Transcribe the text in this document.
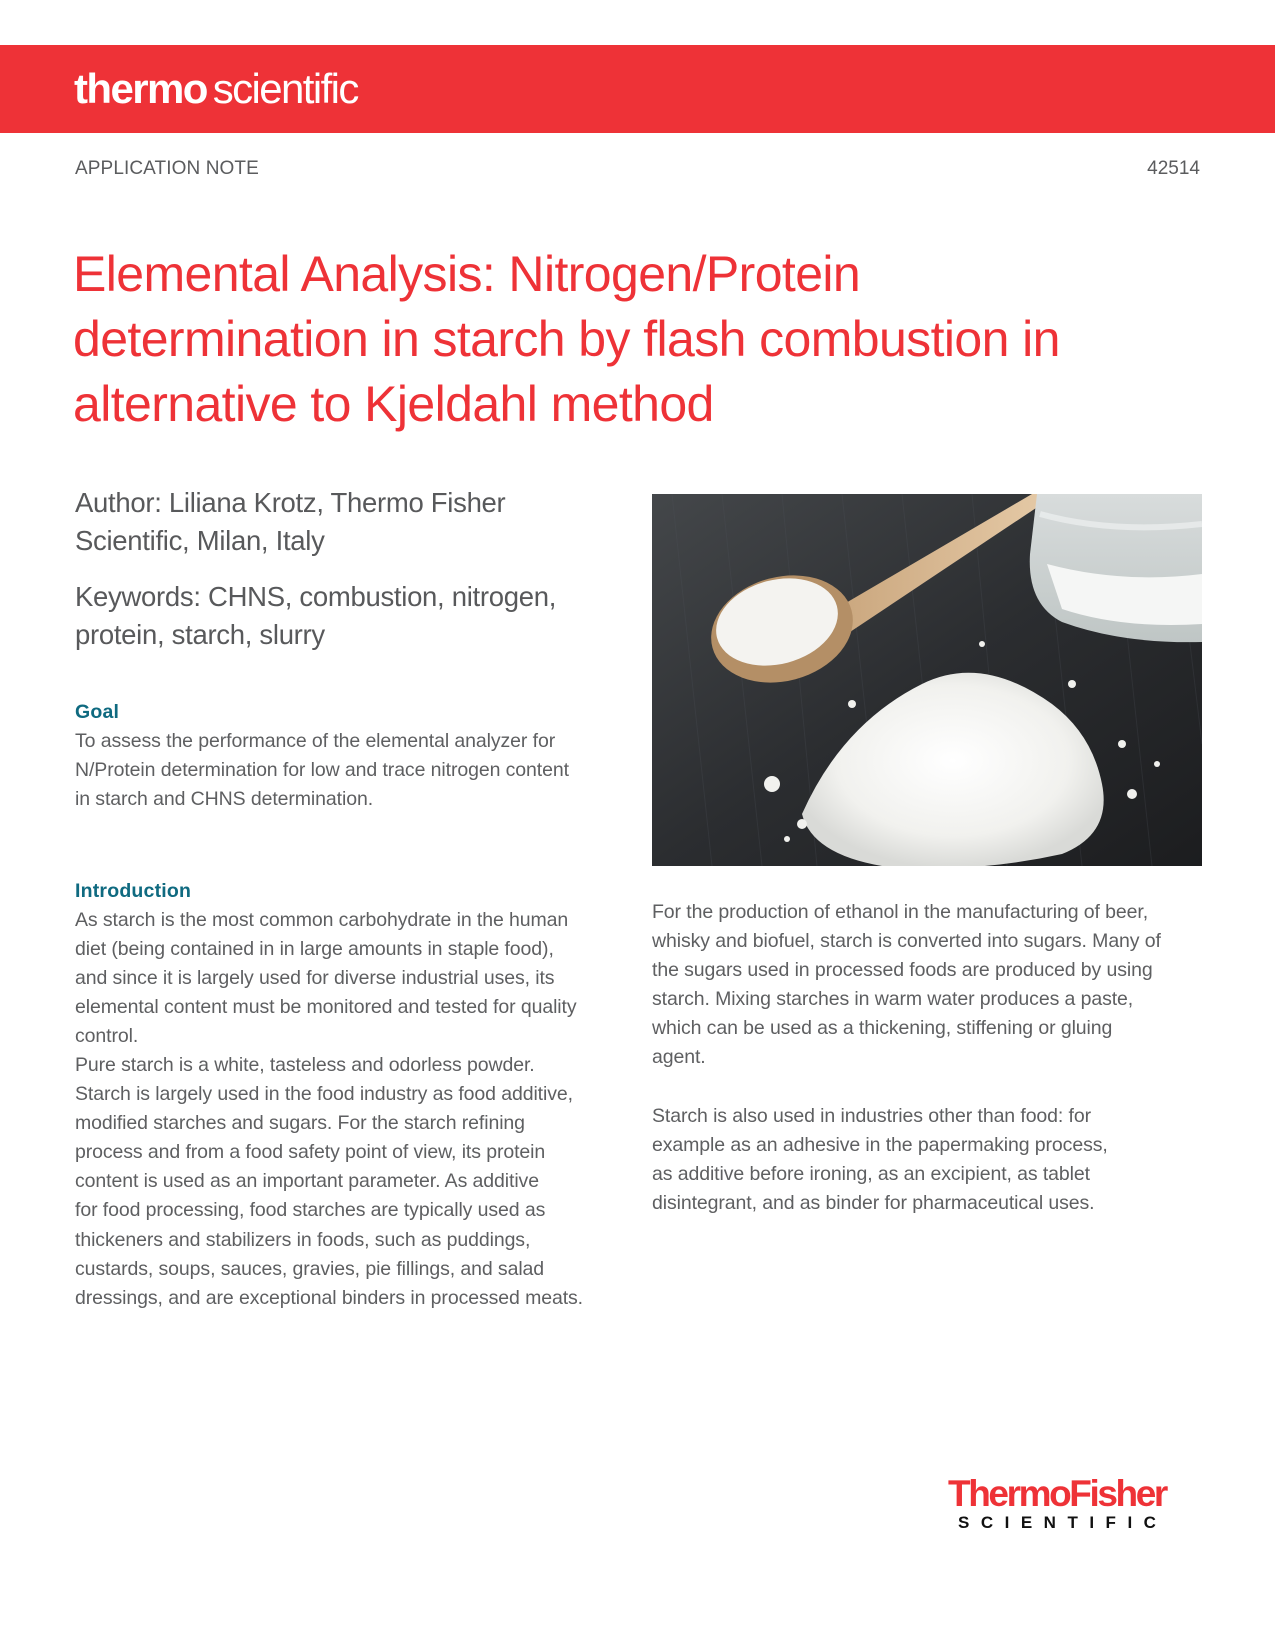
thermo scientific
APPLICATION NOTE	42514
Elemental Analysis: Nitrogen/Protein
determination in starch by flash combustion in
alternative to Kjeldahl method
Author: Liliana Krotz, Thermo Fisher
Scientific, Milan, Italy
Keywords: CHNS, combustion, nitrogen,
protein, starch, slurry
Goal
To assess the performance of the elemental analyzer for
N/Protein determination for low and trace nitrogen content
in starch and CHNS determination.
Introduction
As starch is the most common carbohydrate in the human
diet (being contained in in large amounts in staple food),
and since it is largely used for diverse industrial uses, its
elemental content must be monitored and tested for quality
control.
Pure starch is a white, tasteless and odorless powder.
Starch is largely used in the food industry as food additive,
modified starches and sugars. For the starch refining
process and from a food safety point of view, its protein
content is used as an important parameter. As additive
for food processing, food starches are typically used as
thickeners and stabilizers in foods, such as puddings,
custards, soups, sauces, gravies, pie fillings, and salad
dressings, and are exceptional binders in processed meats.
For the production of ethanol in the manufacturing of beer,
whisky and biofuel, starch is converted into sugars. Many of
the sugars used in processed foods are produced by using
starch. Mixing starches in warm water produces a paste,
which can be used as a thickening, stiffening or gluing
agent.
Starch is also used in industries other than food: for
example as an adhesive in the papermaking process,
as additive before ironing, as an excipient, as tablet
disintegrant, and as binder for pharmaceutical uses.
ThermoFisher
SCIENTIFIC
